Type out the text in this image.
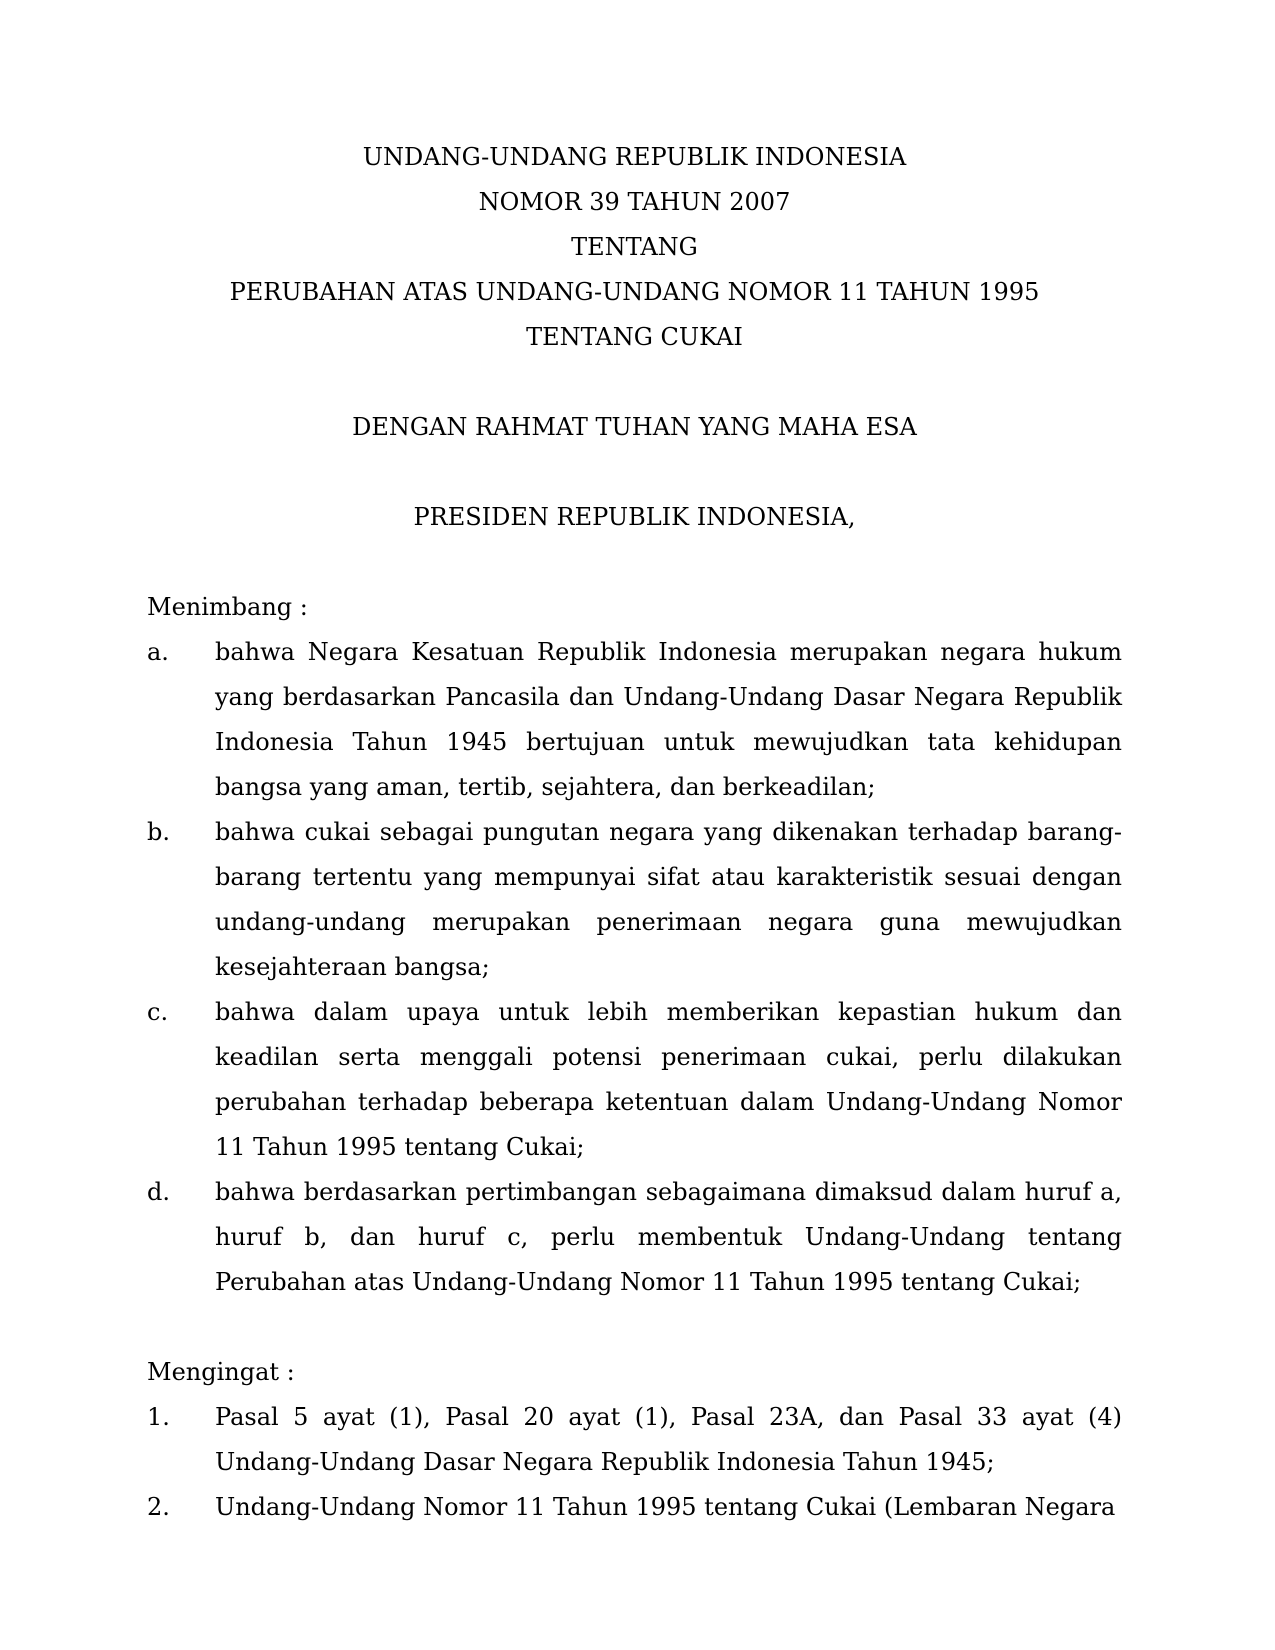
UNDANG-UNDANG REPUBLIK INDONESIA
NOMOR 39 TAHUN 2007
TENTANG
PERUBAHAN ATAS UNDANG-UNDANG NOMOR 11 TAHUN 1995
TENTANG CUKAI
DENGAN RAHMAT TUHAN YANG MAHA ESA
PRESIDEN REPUBLIK INDONESIA,
Menimbang :
a. bahwa Negara Kesatuan Republik Indonesia merupakan negara hukum yang berdasarkan Pancasila dan Undang-Undang Dasar Negara Republik Indonesia Tahun 1945 bertujuan untuk mewujudkan tata kehidupan bangsa yang aman, tertib, sejahtera, dan berkeadilan;
b. bahwa cukai sebagai pungutan negara yang dikenakan terhadap barang-barang tertentu yang mempunyai sifat atau karakteristik sesuai dengan undang-undang merupakan penerimaan negara guna mewujudkan kesejahteraan bangsa;
c. bahwa dalam upaya untuk lebih memberikan kepastian hukum dan keadilan serta menggali potensi penerimaan cukai, perlu dilakukan perubahan terhadap beberapa ketentuan dalam Undang-Undang Nomor 11 Tahun 1995 tentang Cukai;
d. bahwa berdasarkan pertimbangan sebagaimana dimaksud dalam huruf a, huruf b, dan huruf c, perlu membentuk Undang-Undang tentang Perubahan atas Undang-Undang Nomor 11 Tahun 1995 tentang Cukai;
Mengingat :
1. Pasal 5 ayat (1), Pasal 20 ayat (1), Pasal 23A, dan Pasal 33 ayat (4) Undang-Undang Dasar Negara Republik Indonesia Tahun 1945;
2. Undang-Undang Nomor 11 Tahun 1995 tentang Cukai (Lembaran Negara
